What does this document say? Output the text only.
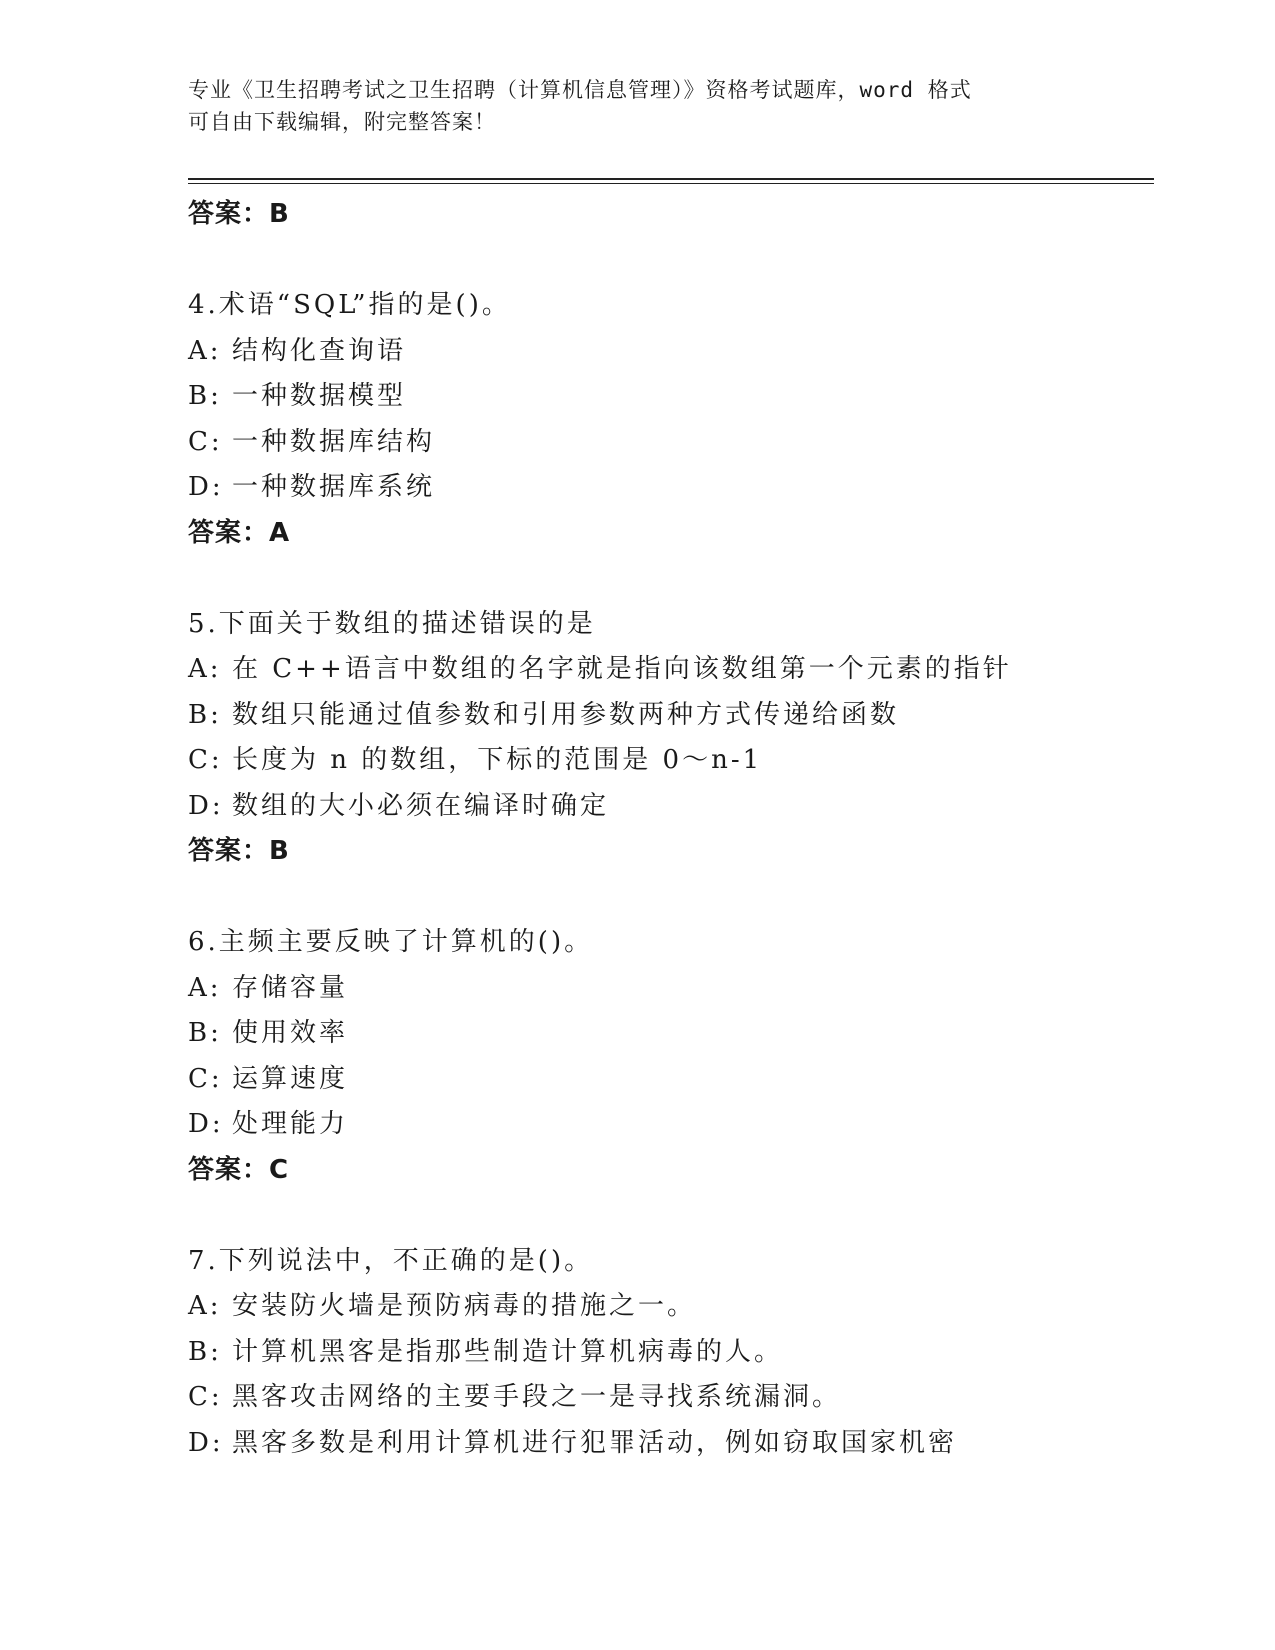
专业《卫生招聘考试之卫生招聘（计算机信息管理）》资格考试题库，word 格式
可自由下载编辑，附完整答案！
答案：B
4.术语“SQL”指的是()。
A: 结构化查询语
B: 一种数据模型
C: 一种数据库结构
D: 一种数据库系统
答案：A
5.下面关于数组的描述错误的是
A: 在 C++语言中数组的名字就是指向该数组第一个元素的指针
B: 数组只能通过值参数和引用参数两种方式传递给函数
C: 长度为 n 的数组，下标的范围是 0～n-1
D: 数组的大小必须在编译时确定
答案：B
6.主频主要反映了计算机的()。
A: 存储容量
B: 使用效率
C: 运算速度
D: 处理能力
答案：C
7.下列说法中，不正确的是()。
A: 安装防火墙是预防病毒的措施之一。
B: 计算机黑客是指那些制造计算机病毒的人。
C: 黑客攻击网络的主要手段之一是寻找系统漏洞。
D: 黑客多数是利用计算机进行犯罪活动，例如窃取国家机密
